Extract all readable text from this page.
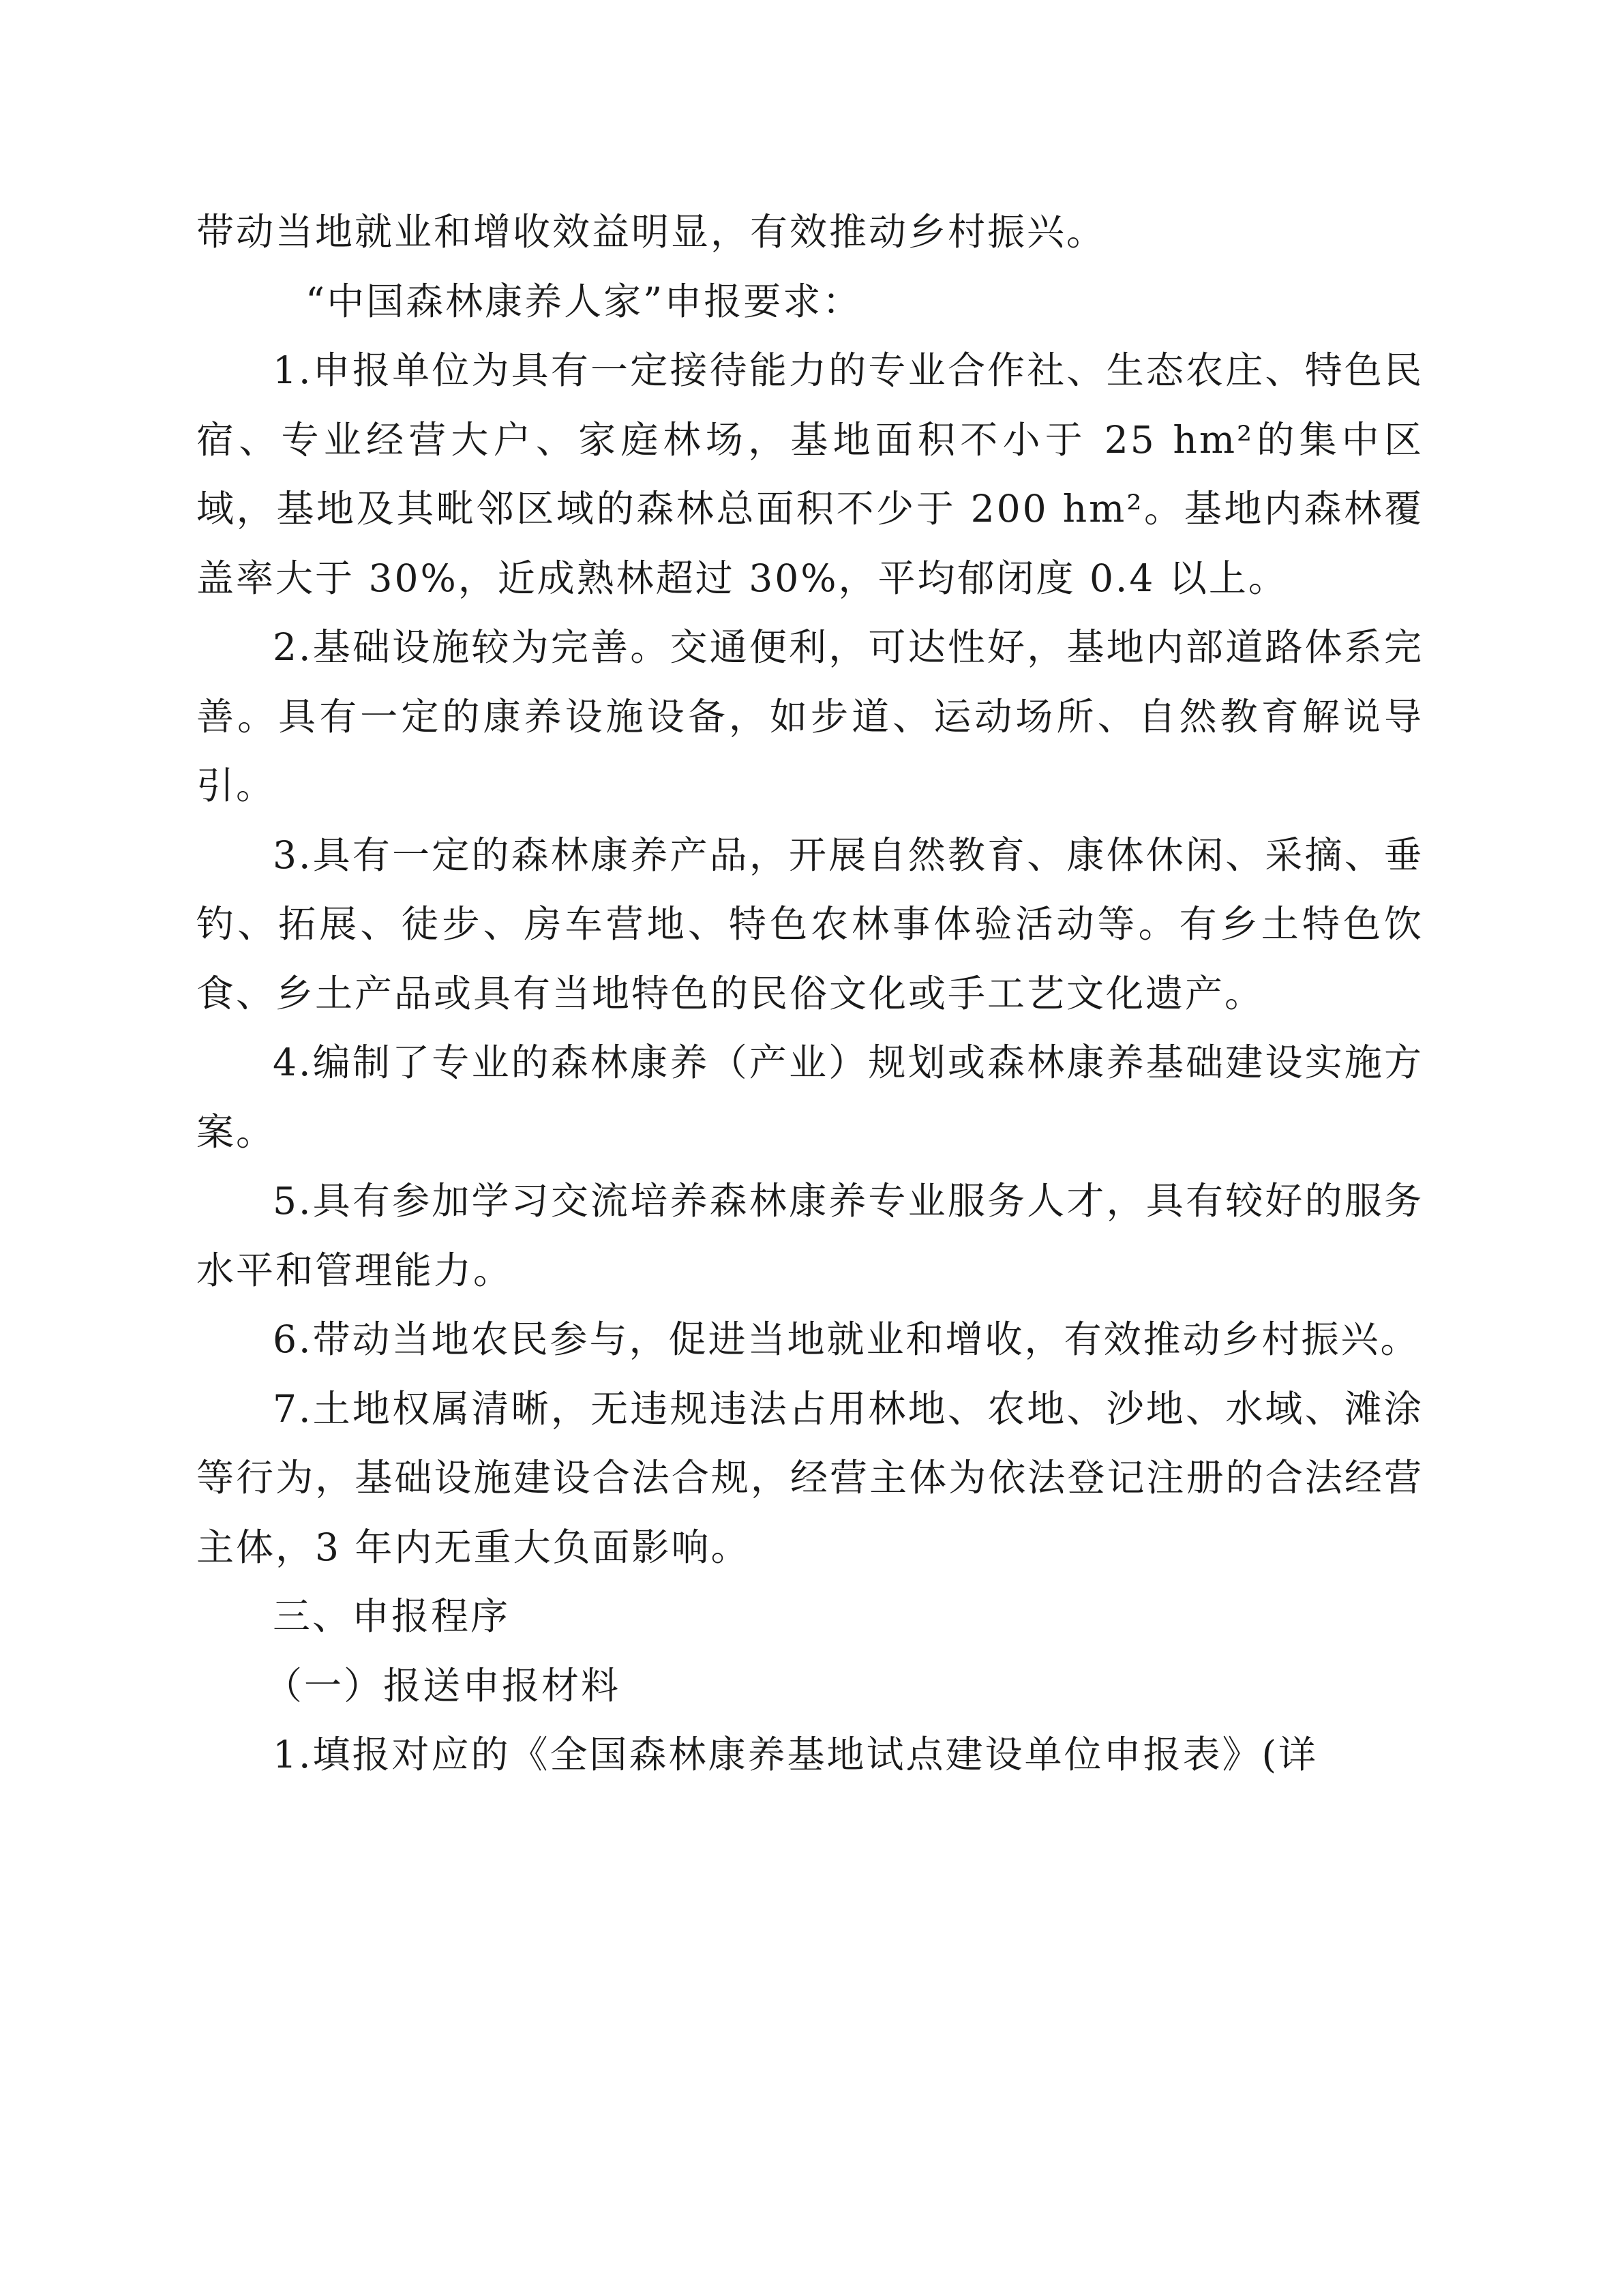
带动当地就业和增收效益明显，有效推动乡村振兴。

“中国森林康养人家”申报要求：

1.申报单位为具有一定接待能力的专业合作社、生态农庄、特色民宿、专业经营大户、家庭林场，基地面积不小于 25 hm²的集中区域，基地及其毗邻区域的森林总面积不少于 200 hm²。基地内森林覆盖率大于 30%，近成熟林超过 30%，平均郁闭度 0.4 以上。

2.基础设施较为完善。交通便利，可达性好，基地内部道路体系完善。具有一定的康养设施设备，如步道、运动场所、自然教育解说导引。

3.具有一定的森林康养产品，开展自然教育、康体休闲、采摘、垂钓、拓展、徒步、房车营地、特色农林事体验活动等。有乡土特色饮食、乡土产品或具有当地特色的民俗文化或手工艺文化遗产。

4.编制了专业的森林康养（产业）规划或森林康养基础建设实施方案。

5.具有参加学习交流培养森林康养专业服务人才，具有较好的服务水平和管理能力。

6.带动当地农民参与，促进当地就业和增收，有效推动乡村振兴。

7.土地权属清晰，无违规违法占用林地、农地、沙地、水域、滩涂等行为，基础设施建设合法合规，经营主体为依法登记注册的合法经营主体，3 年内无重大负面影响。

三、申报程序

（一）报送申报材料

1.填报对应的《全国森林康养基地试点建设单位申报表》(详
